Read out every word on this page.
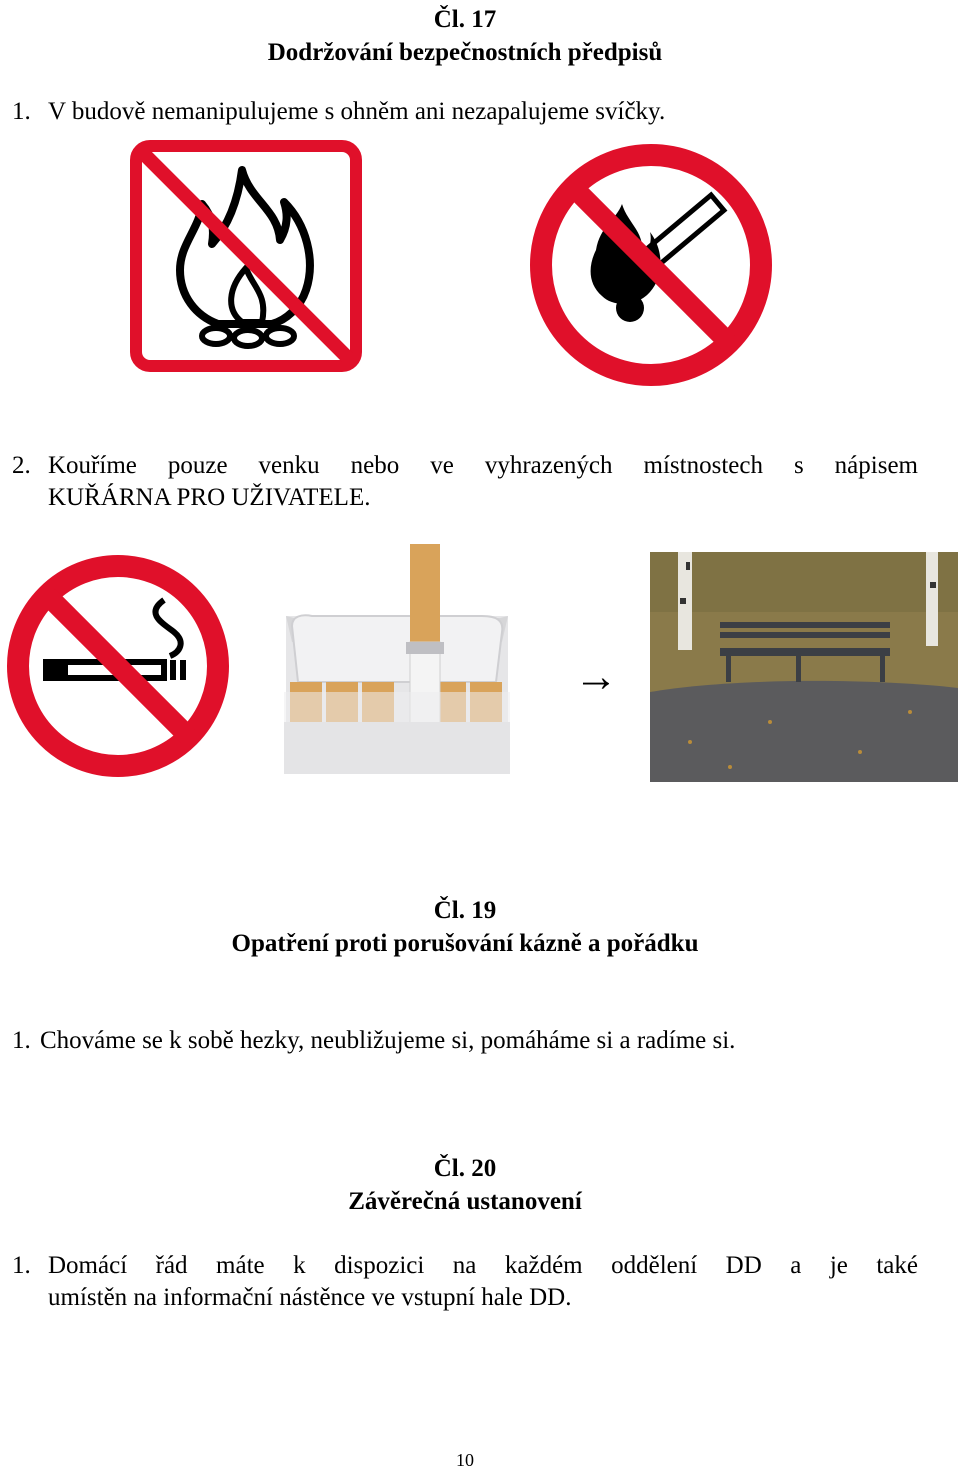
Čl. 17
Dodržování bezpečnostních předpisů
1. V budově nemanipulujeme s ohněm ani nezapalujeme svíčky.
2. Kouříme pouze venku nebo ve vyhrazených místnostech s nápisem
KUŘÁRNA PRO UŽIVATELE.
→
Čl. 19
Opatření proti porušování kázně a pořádku
1. Chováme se k sobě hezky, neubližujeme si, pomáháme si a radíme si.
Čl. 20
Závěrečná ustanovení
1. Domácí řád máte k dispozici na každém oddělení DD a je také
umístěn na informační nástěnce ve vstupní hale DD.
10
